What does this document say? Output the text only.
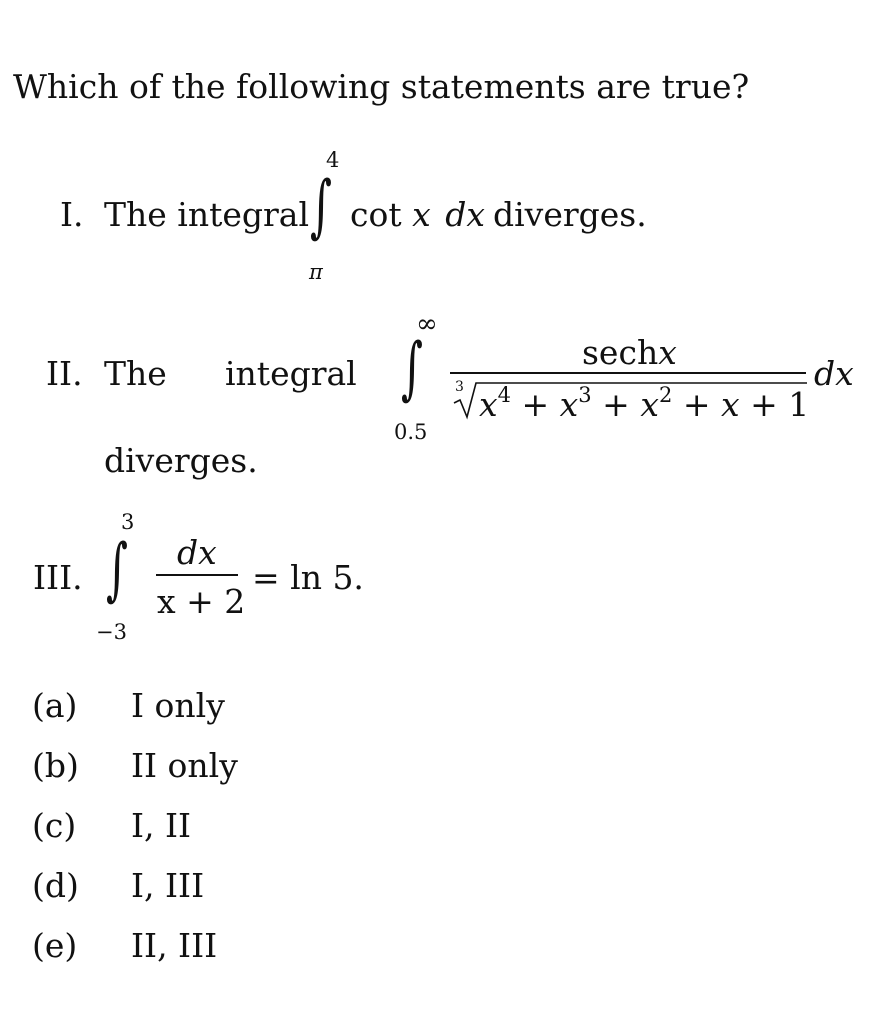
Which of the following statements are true?
I. The integral
4
∫
π
cot x dx diverges.
II. The integral
∞
∫
0.5
sechx
3 $x^4 + x^3 + x^2 + x + 1$
dx
diverges.
III.
3
∫
−3
dx
x + 2
= ln 5.
(a) I only
(b) II only
(c) I, II
(d) I, III
(e) II, III
